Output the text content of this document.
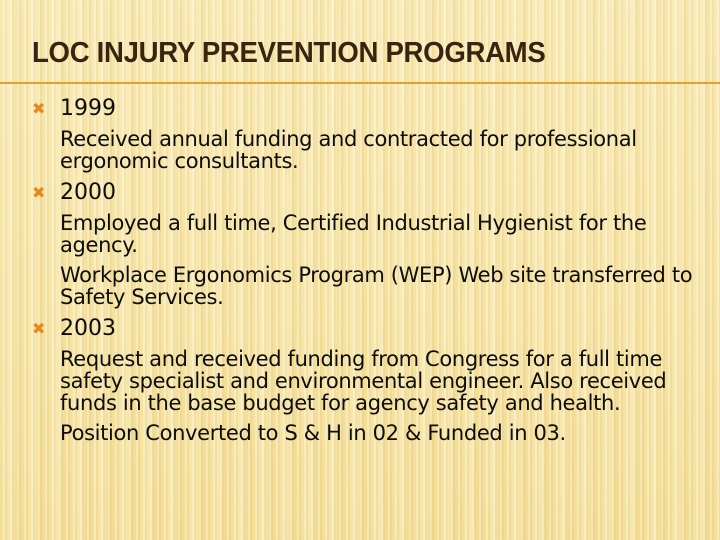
LOC INJURY PREVENTION PROGRAMS
✖ 1999

Received annual funding and contracted for professional ergonomic consultants.

✖ 2000

Employed a full time, Certified Industrial Hygienist for the agency.

Workplace Ergonomics Program (WEP) Web site transferred to Safety Services.

✖ 2003

Request and received funding from Congress for a full time safety specialist and environmental engineer. Also received funds in the base budget for agency safety and health.

Position Converted to S & H in 02 & Funded in 03.
